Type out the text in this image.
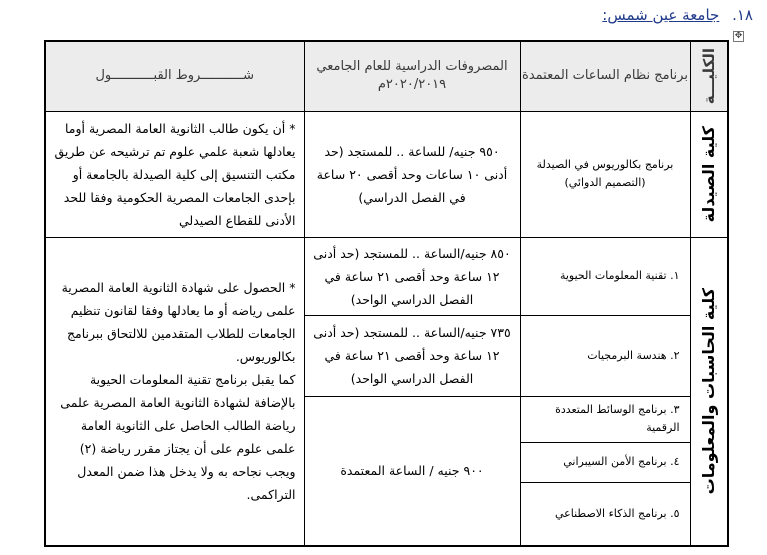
١٨. جامعة عين شمس:
✥
الكليـــة	برنامج نظام الساعات المعتمدة	المصروفات الدراسية للعام الجامعي ٢٠٢٠/٢٠١٩م	شـــــــــــروط القبـــــــــــول

كلية الصيدلة	برنامج بكالوريوس في الصيدلة (التصميم الدوائي)	٩٥٠ جنيه/ للساعة .. للمستجد (حد أدنى ١٠ ساعات وحد أقصى ٢٠ ساعة في الفصل الدراسي)	* أن يكون طالب الثانوية العامة المصرية أوما يعادلها شعبة علمي علوم تم ترشيحه عن طريق مكتب التنسيق إلى كلية الصيدلة بالجامعة أو بإحدى الجامعات المصرية الحكومية وفقا للحد الأدنى للقطاع الصيدلي

كلية الحاسبات والمعلومات	١. تقنية المعلومات الحيوية	٨٥٠ جنيه/الساعة .. للمستجد (حد أدنى ١٢ ساعة وحد أقصى ٢١ ساعة في الفصل الدراسي الواحد)	* الحصول على شهادة الثانوية العامة المصرية علمى رياضه أو ما يعادلها وفقا لقانون تنظيم الجامعات للطلاب المتقدمين للالتحاق ببرنامج بكالوريوس.
كما يقبل برنامج تقنية المعلومات الحيوية بالإضافة لشهادة الثانوية العامة المصرية علمى رياضة الطالب الحاصل على الثانوية العامة علمى علوم على أن يجتاز مقرر رياضة (٢) ويجب نجاحه به ولا يدخل هذا ضمن المعدل التراكمى.

	٢. هندسة البرمجيات	٧٣٥ جنيه/الساعة .. للمستجد (حد أدنى ١٢ ساعة وحد أقصى ٢١ ساعة في الفصل الدراسي الواحد)	
	٣. برنامج الوسائط المتعددة الرقمية	٩٠٠ جنيه / الساعة المعتمدة	
	٤. برنامج الأمن السيبراني		
	٥. برنامج الذكاء الاصطناعي		
